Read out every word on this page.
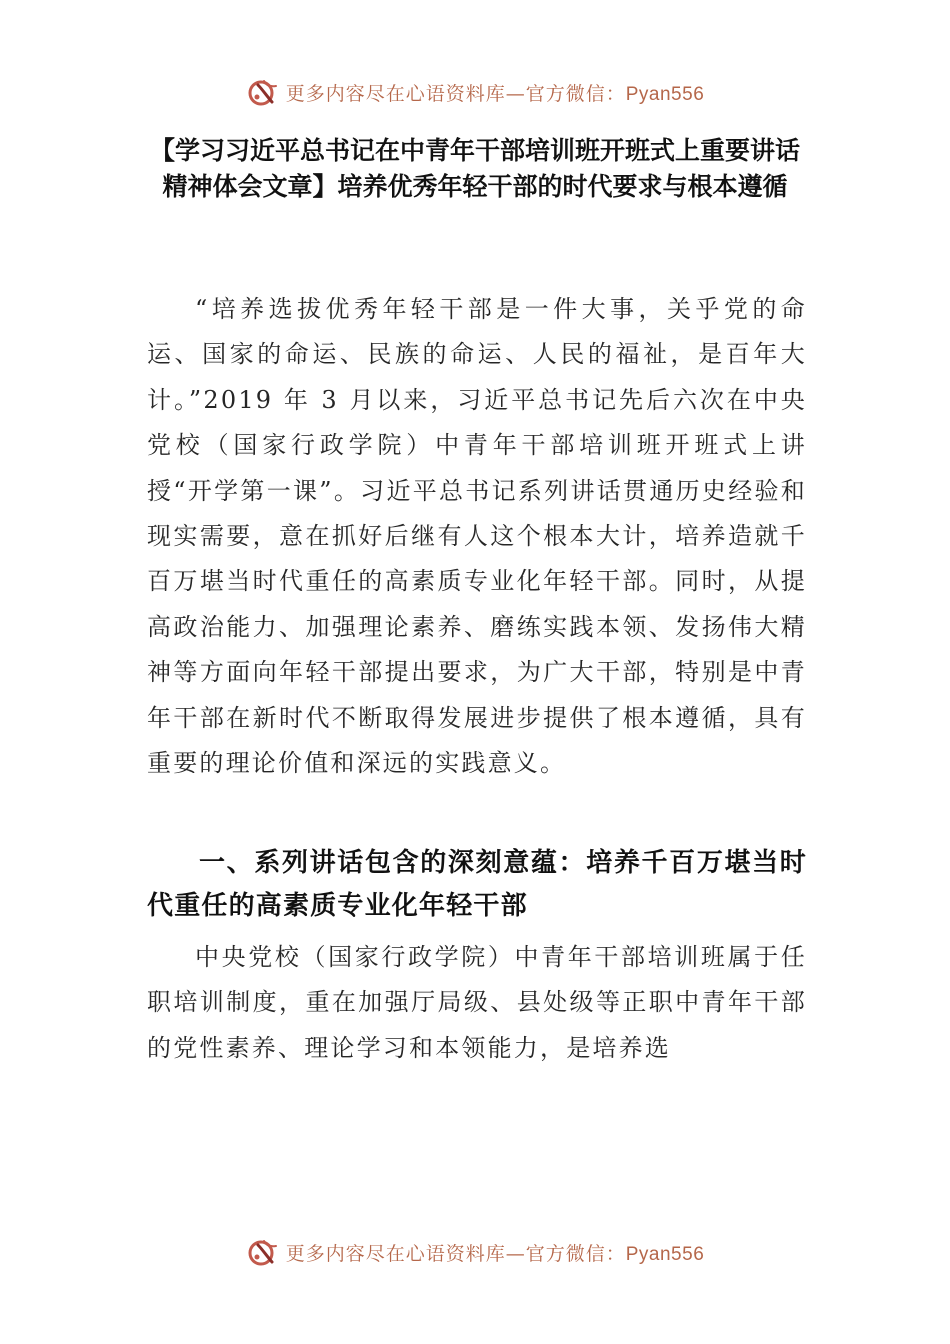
更多内容尽在心语资料库—官方微信：Pyan556
【学习习近平总书记在中青年干部培训班开班式上重要讲话精神体会文章】培养优秀年轻干部的时代要求与根本遵循

“培养选拔优秀年轻干部是一件大事，关乎党的命运、国家的命运、民族的命运、人民的福祉，是百年大计。”2019 年 3 月以来，习近平总书记先后六次在中央党校（国家行政学院）中青年干部培训班开班式上讲授“开学第一课”。习近平总书记系列讲话贯通历史经验和现实需要，意在抓好后继有人这个根本大计，培养造就千百万堪当时代重任的高素质专业化年轻干部。同时，从提高政治能力、加强理论素养、磨练实践本领、发扬伟大精神等方面向年轻干部提出要求，为广大干部，特别是中青年干部在新时代不断取得发展进步提供了根本遵循，具有重要的理论价值和深远的实践意义。

一、系列讲话包含的深刻意蕴：培养千百万堪当时代重任的高素质专业化年轻干部

中央党校（国家行政学院）中青年干部培训班属于任职培训制度，重在加强厅局级、县处级等正职中青年干部的党性素养、理论学习和本领能力，是培养选

更多内容尽在心语资料库—官方微信：Pyan556
